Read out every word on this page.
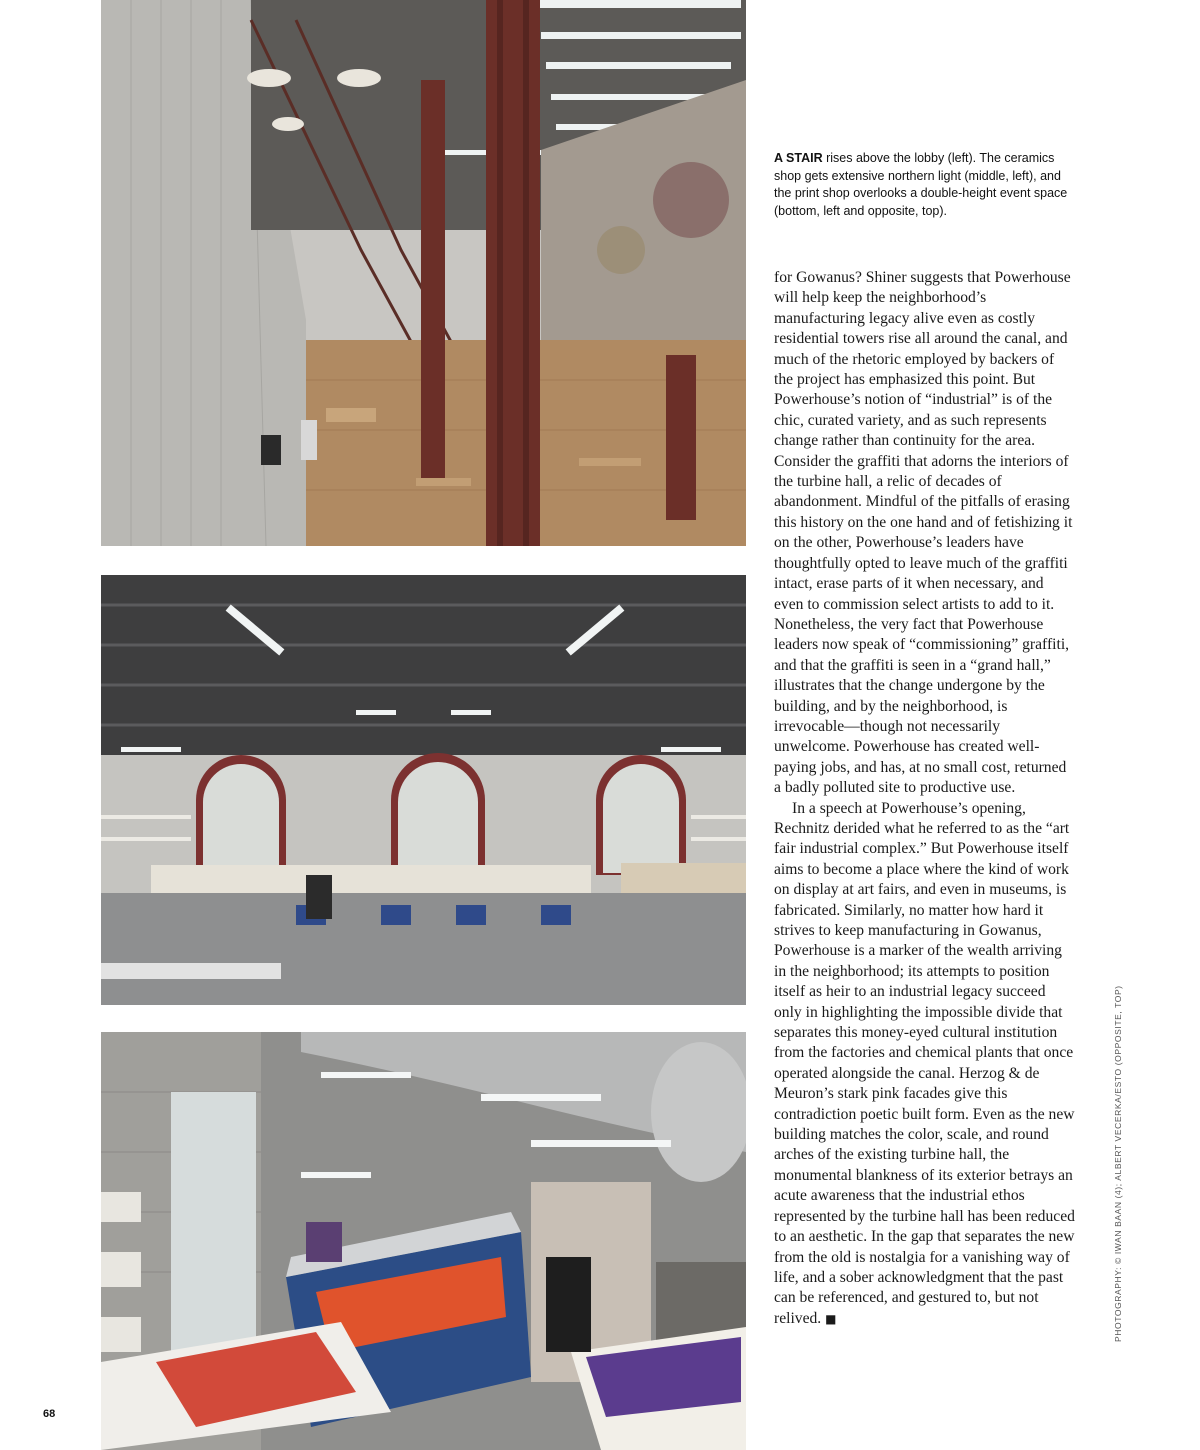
A STAIR rises above the lobby (left). The ceramics shop gets extensive northern light (middle, left), and the print shop overlooks a double-height event space (bottom, left and opposite, top).

for Gowanus? Shiner suggests that Powerhouse will help keep the neighborhood’s manufacturing legacy alive even as costly residential towers rise all around the canal, and much of the rhetoric employed by backers of the project has emphasized this point. But Powerhouse’s notion of “industrial” is of the chic, curated variety, and as such represents change rather than continuity for the area. Consider the graffiti that adorns the interiors of the turbine hall, a relic of decades of abandonment. Mindful of the pitfalls of erasing this history on the one hand and of fetishizing it on the other, Powerhouse’s leaders have thoughtfully opted to leave much of the graffiti intact, erase parts of it when necessary, and even to commission select artists to add to it. Nonetheless, the very fact that Powerhouse leaders now speak of “commissioning” graffiti, and that the graffiti is seen in a “grand hall,” illustrates that the change undergone by the building, and by the neighborhood, is irrevocable—though not necessarily unwelcome. Powerhouse has created well-paying jobs, and has, at no small cost, returned a badly polluted site to productive use.

In a speech at Powerhouse’s opening, Rechnitz derided what he referred to as the “art fair industrial complex.” But Powerhouse itself aims to become a place where the kind of work on display at art fairs, and even in museums, is fabricated. Similarly, no matter how hard it strives to keep manufacturing in Gowanus, Powerhouse is a marker of the wealth arriving in the neighborhood; its attempts to position itself as heir to an industrial legacy succeed only in highlighting the impossible divide that separates this money-eyed cultural institution from the factories and chemical plants that once operated alongside the canal. Herzog & de Meuron’s stark pink facades give this contradiction poetic built form. Even as the new building matches the color, scale, and round arches of the existing turbine hall, the monumental blankness of its exterior betrays an acute awareness that the industrial ethos represented by the turbine hall has been reduced to an aesthetic. In the gap that separates the new from the old is nostalgia for a vanishing way of life, and a sober acknowledgment that the past can be referenced, and gestured to, but not relived. ■	PHOTOGRAPHY: © IWAN BAAN (4); ALBERT VECERKA/ESTO (OPPOSITE, TOP)
68
